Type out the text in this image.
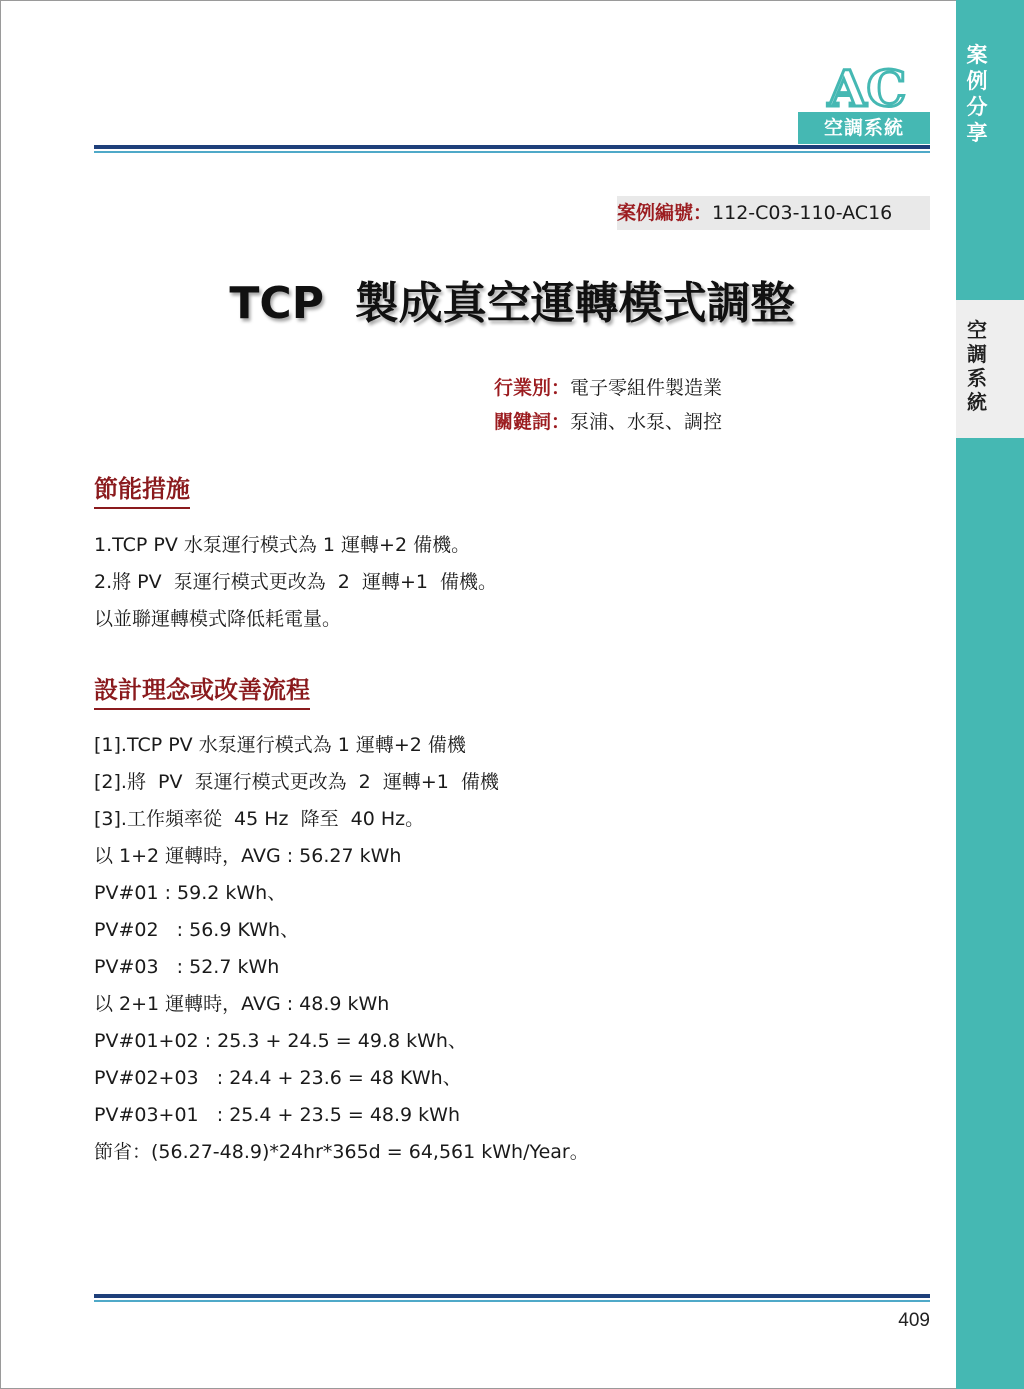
案例分享
空調系統
AC
空調系統
案例編號：112-C03-110-AC16
TCP  製成真空運轉模式調整
行業別：電子零組件製造業
關鍵詞：泵浦、水泵、調控
節能措施
1.TCP PV 水泵運行模式為 1 運轉+2 備機。
2.將 PV  泵運行模式更改為  2  運轉+1  備機。
以並聯運轉模式降低耗電量。
設計理念或改善流程
[1].TCP PV 水泵運行模式為 1 運轉+2 備機
[2].將  PV  泵運行模式更改為  2  運轉+1  備機
[3].工作頻率從  45 Hz  降至  40 Hz。
以 1+2 運轉時，AVG : 56.27 kWh
PV#01 : 59.2 kWh、
PV#02   : 56.9 KWh、
PV#03   : 52.7 kWh
以 2+1 運轉時，AVG : 48.9 kWh
PV#01+02 : 25.3 + 24.5 = 49.8 kWh、
PV#02+03   : 24.4 + 23.6 = 48 KWh、
PV#03+01   : 25.4 + 23.5 = 48.9 kWh
節省：(56.27-48.9)*24hr*365d = 64,561 kWh/Year。
409
